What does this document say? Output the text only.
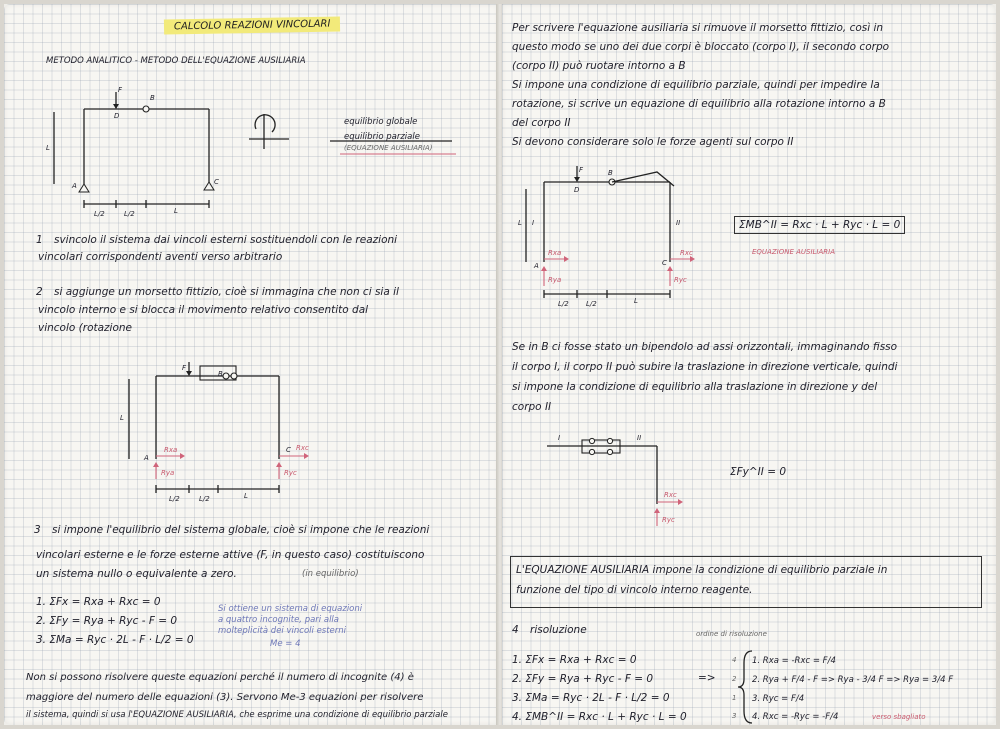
CALCOLO REAZIONI VINCOLARI
METODO ANALITICO - METODO DELL'EQUAZIONE AUSILIARIA
F
B
D
L
A	C
L/2	L/2	L
equilibrio globale
equilibrio parziale
(EQUAZIONE AUSILIARIA)
1 svincolo il sistema dai vincoli esterni sostituendoli con le reazioni
vincolari corrispondenti aventi verso arbitrario
2 si aggiunge un morsetto fittizio, cioè si immagina che non ci sia il
vincolo interno e si blocca il movimento relativo consentito dal
vincolo (rotazione
F
B
L
A
C
Rxa
Rya
Rxc
Ryc
L/2	L/2	L
3 si impone l'equilibrio del sistema globale, cioè si impone che le reazioni
vincolari esterne e le forze esterne attive (F, in questo caso) costituiscono
un sistema nullo o equivalente a zero.	(in equilibrio)
1. ΣFx = Rxa + Rxc = 0
2. ΣFy = Rya + Ryc - F = 0
3. ΣMa = Ryc · 2L - F · L/2 = 0
Si ottiene un sistema di equazioni
a quattro incognite, pari alla
molteplicità dei vincoli esterni
Me = 4
Non si possono risolvere queste equazioni perché il numero di incognite (4) è
maggiore del numero delle equazioni (3). Servono Me-3 equazioni per risolvere
il sistema, quindi si usa l'EQUAZIONE AUSILIARIA, che esprime una condizione di equilibrio parziale
Per scrivere l'equazione ausiliaria si rimuove il morsetto fittizio, così in
questo modo se uno dei due corpi è bloccato (corpo I), il secondo corpo
(corpo II) può ruotare intorno a B
Si impone una condizione di equilibrio parziale, quindi per impedire la
rotazione, si scrive un equazione di equilibrio alla rotazione intorno a B
del corpo II
Si devono considerare solo le forze agenti sul corpo II
F	B
D
L I	II
A	C
Rxa
Rya
Rxc
Ryc
L/2 L/2	L
ΣMB^II = Rxc · L + Ryc · L = 0
EQUAZIONE AUSILIARIA
Se in B ci fosse stato un bipendolo ad assi orizzontali, immaginando fisso
il corpo I, il corpo II può subire la traslazione in direzione verticale, quindi
si impone la condizione di equilibrio alla traslazione in direzione y del
corpo II
I	II
Rxc
Ryc
ΣFy^II = 0
L'EQUAZIONE AUSILIARIA impone la condizione di equilibrio parziale in
funzione del tipo di vincolo interno reagente.
4 risoluzione	ordine di risoluzione
1. ΣFx = Rxa + Rxc = 0
2. ΣFy = Rya + Ryc - F = 0
3. ΣMa = Ryc · 2L - F · L/2 = 0
4. ΣMB^II = Rxc · L + Ryc · L = 0
=>
4
2
1
3
1. Rxa = -Rxc = F/4
2. Rya + F/4 - F => Rya - 3/4 F => Rya = 3/4 F
3. Ryc = F/4
4. Rxc = -Ryc = -F/4	verso sbagliato
